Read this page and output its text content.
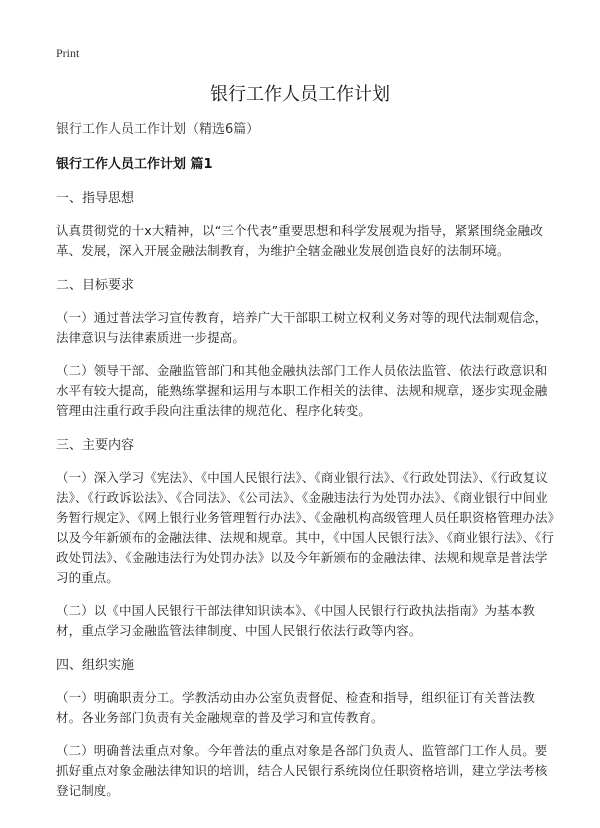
Print
银行工作人员工作计划

银行工作人员工作计划（精选6篇）

银行工作人员工作计划 篇1

一、指导思想

认真贯彻党的十x大精神，以“三个代表”重要思想和科学发展观为指导，紧紧围绕金融改革、发展，深入开展金融法制教育，为维护全辖金融业发展创造良好的法制环境。

二、目标要求

（一）通过普法学习宣传教育，培养广大干部职工树立权利义务对等的现代法制观信念，法律意识与法律素质进一步提高。

（二）领导干部、金融监管部门和其他金融执法部门工作人员依法监管、依法行政意识和水平有较大提高，能熟练掌握和运用与本职工作相关的法律、法规和规章，逐步实现金融管理由注重行政手段向注重法律的规范化、程序化转变。

三、主要内容

（一）深入学习《宪法》、《中国人民银行法》、《商业银行法》、《行政处罚法》、《行政复议法》、《行政诉讼法》、《合同法》、《公司法》、《金融违法行为处罚办法》、《商业银行中间业务暂行规定》、《网上银行业务管理暂行办法》、《金融机构高级管理人员任职资格管理办法》以及今年新颁布的金融法律、法规和规章。其中，《中国人民银行法》、《商业银行法》、《行政处罚法》、《金融违法行为处罚办法》以及今年新颁布的金融法律、法规和规章是普法学习的重点。

（二）以《中国人民银行干部法律知识读本》、《中国人民银行行政执法指南》为基本教材，重点学习金融监管法律制度、中国人民银行依法行政等内容。

四、组织实施

（一）明确职责分工。学教活动由办公室负责督促、检查和指导，组织征订有关普法教材。各业务部门负责有关金融规章的普及学习和宣传教育。

（二）明确普法重点对象。今年普法的重点对象是各部门负责人、监管部门工作人员。要抓好重点对象金融法律知识的培训，结合人民银行系统岗位任职资格培训，建立学法考核登记制度。
